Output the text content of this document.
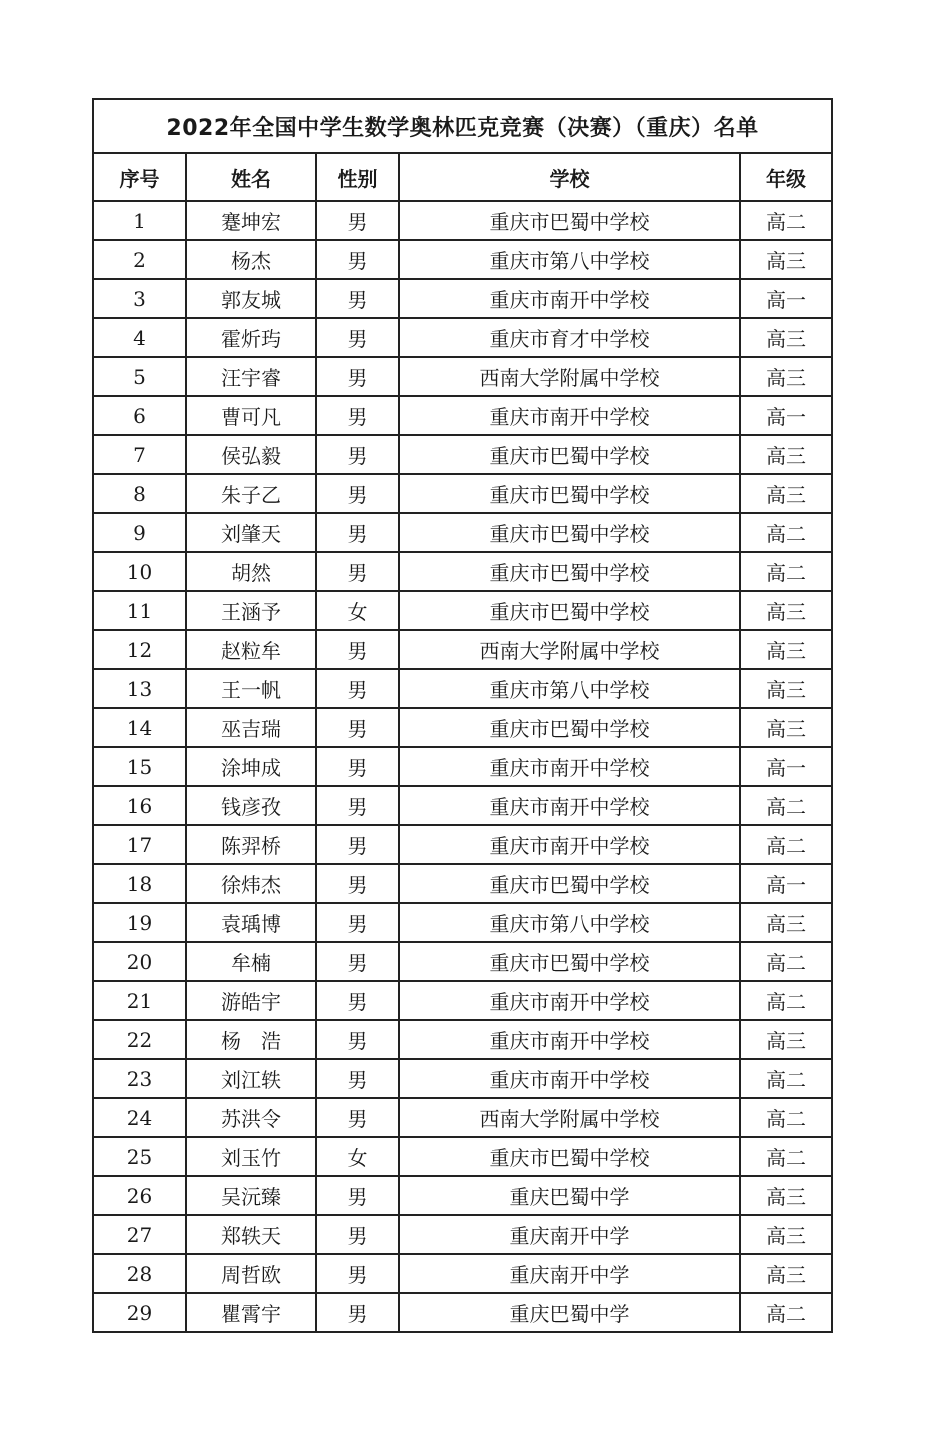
2022年全国中学生数学奥林匹克竞赛（决赛）（重庆）名单				
序号	姓名	性别	学校	年级
1	蹇坤宏	男	重庆市巴蜀中学校	高二
2	杨杰	男	重庆市第八中学校	高三
3	郭友城	男	重庆市南开中学校	高一
4	霍炘玙	男	重庆市育才中学校	高三
5	汪宇睿	男	西南大学附属中学校	高三
6	曹可凡	男	重庆市南开中学校	高一
7	侯弘毅	男	重庆市巴蜀中学校	高三
8	朱子乙	男	重庆市巴蜀中学校	高三
9	刘肇天	男	重庆市巴蜀中学校	高二
10	胡然	男	重庆市巴蜀中学校	高二
11	王涵予	女	重庆市巴蜀中学校	高三
12	赵粒牟	男	西南大学附属中学校	高三
13	王一帆	男	重庆市第八中学校	高三
14	巫吉瑞	男	重庆市巴蜀中学校	高三
15	涂坤成	男	重庆市南开中学校	高一
16	钱彦孜	男	重庆市南开中学校	高二
17	陈羿桥	男	重庆市南开中学校	高二
18	徐炜杰	男	重庆市巴蜀中学校	高一
19	袁瑀博	男	重庆市第八中学校	高三
20	牟楠	男	重庆市巴蜀中学校	高二
21	游皓宇	男	重庆市南开中学校	高二
22	杨　浩	男	重庆市南开中学校	高三
23	刘江轶	男	重庆市南开中学校	高二
24	苏洪令	男	西南大学附属中学校	高二
25	刘玉竹	女	重庆市巴蜀中学校	高二
26	吴沅臻	男	重庆巴蜀中学	高三
27	郑轶天	男	重庆南开中学	高三
28	周哲欧	男	重庆南开中学	高三
29	瞿霄宇	男	重庆巴蜀中学	高二
